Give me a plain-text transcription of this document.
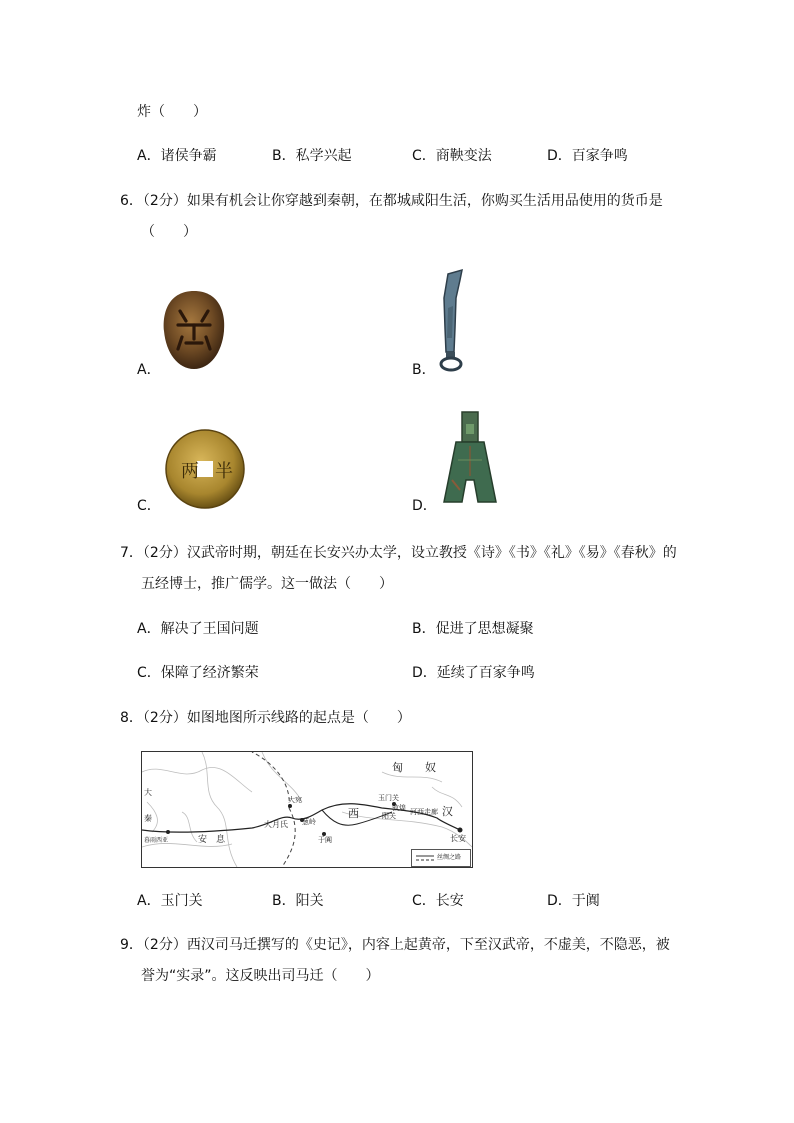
炸（　　）
A．诸侯争霸	B．私学兴起	C．商鞅变法	D．百家争鸣
6．（2分）如果有机会让你穿越到秦朝，在都城咸阳生活，你购买生活用品使用的货币是
（　　）
A．	B．
C．
两 半
D．
7．（2分）汉武帝时期，朝廷在长安兴办太学，设立教授《诗》《书》《礼》《易》《春秋》的
五经博士，推广儒学。这一做法（　　）
A．解决了王国问题	B．促进了思想凝聚
C．保障了经济繁荣	D．延续了百家争鸣
8．（2分）如图地图所示线路的起点是（　　）
匈　　奴
汉
西
安　息
大月氏
大宛
葱岭
玉门关
敦煌 河西走廊
阳关
长安
于阗
大
秦
暮雨西亚
丝绸之路
A．玉门关	B．阳关	C．长安	D．于阗
9．（2分）西汉司马迁撰写的《史记》，内容上起黄帝，下至汉武帝，不虚美，不隐恶，被
誉为“实录”。这反映出司马迁（　　）
